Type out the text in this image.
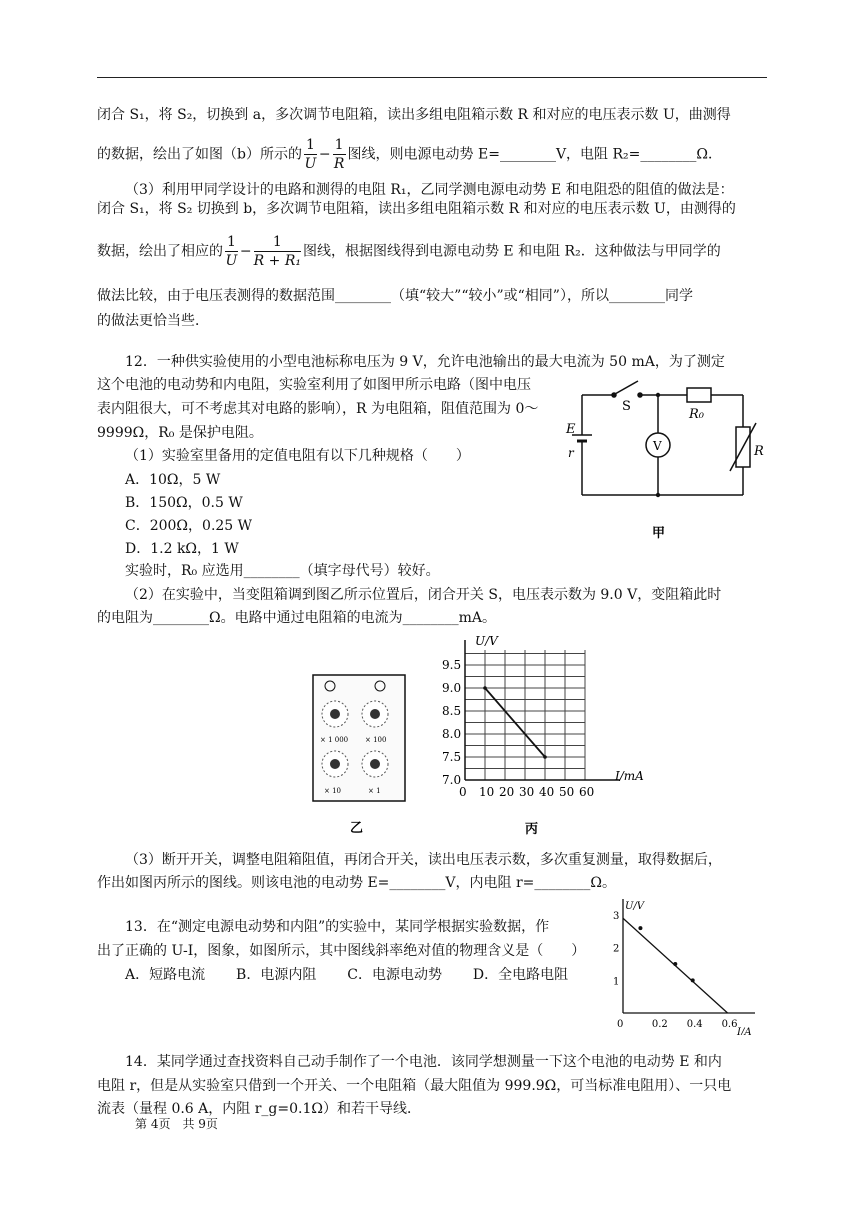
闭合 S₁，将 S₂，切换到 a，多次调节电阻箱，读出多组电阻箱示数 R 和对应的电压表示数 U，曲测得
的数据，绘出了如图（b）所示的 $\frac{1}{U} - \frac{1}{R}$ 图线，则电源电动势 E=________V，电阻 R₂=________Ω．
（3）利用甲同学设计的电路和测得的电阻 R₁，乙同学测电源电动势 E 和电阻恐的阻值的做法是：
闭合 S₁，将 S₂ 切换到 b，多次调节电阻箱，读出多组电阻箱示数 R 和对应的电压表示数 U，由测得的
数据，绘出了相应的 $\frac{1}{U} - \frac{1}{\text{R + R₁}}$ 图线，根据图线得到电源电动势 E 和电阻 R₂．这种做法与甲同学的
做法比较，由于电压表测得的数据范围________（填“较大”“较小”或“相同”），所以________同学
的做法更恰当些．
12．一种供实验使用的小型电池标称电压为 9 V，允许电池输出的最大电流为 50 mA，为了测定
这个电池的电动势和内电阻，实验室利用了如图甲所示电路（图中电压
表内阻很大，可不考虑其对电路的影响），R 为电阻箱，阻值范围为 0～
9999Ω，R₀ 是保护电阻。
（1）实验室里备用的定值电阻有以下几种规格（　　）
A．10Ω，5 W
B．150Ω，0.5 W
C．200Ω，0.25 W
D．1.2 kΩ，1 W
实验时，R₀ 应选用________（填字母代号）较好。
（2）在实验中，当变阻箱调到图乙所示位置后，闭合开关 S，电压表示数为 9.0 V，变阻箱此时
的电阻为________Ω。电路中通过电阻箱的电流为________mA。
S
R₀
E
r	V	R
甲
× 1 000 × 100
× 10	× 1
乙
9.5
9.0
8.5
8.0
7.5
7.0
0 10 20 30 40 50 60
U/V
I/mA
丙
（3）断开开关，调整电阻箱阻值，再闭合开关，读出电压表示数，多次重复测量，取得数据后，
作出如图丙所示的图线。则该电池的电动势 E=________V，内电阻 r=________Ω。
13．在“测定电源电动势和内阻”的实验中，某同学根据实验数据，作
出了正确的 U-I，图象，如图所示，其中图线斜率绝对值的物理含义是（　　）
A．短路电流 B．电源内阻 C．电源电动势 D．全电路电阻
3
2
1
0	0.2 0.4 0.6
U/V
I/A
14．某同学通过查找资料自己动手制作了一个电池．该同学想测量一下这个电池的电动势 E 和内
电阻 r，但是从实验室只借到一个开关、一个电阻箱（最大阻值为 999.9Ω，可当标准电阻用）、一只电
流表（量程 0.6 A，内阻 r_g=0.1Ω）和若干导线．
第 4页　共 9页
